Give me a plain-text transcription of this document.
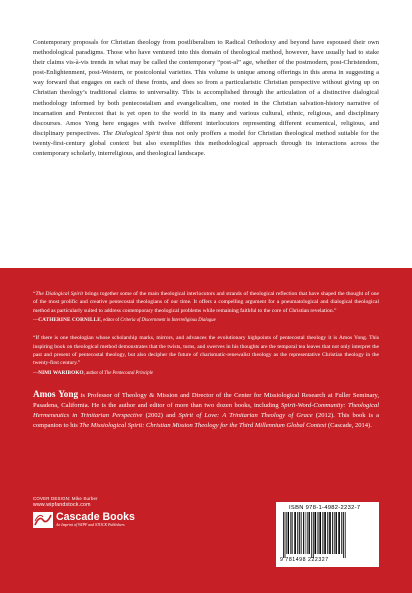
Contemporary proposals for Christian theology from postliberalism to Radical Orthodoxy and beyond have espoused their own methodological paradigms. Those who have ventured into this domain of theological method, however, have usually had to stake their claims vis-à-vis trends in what may be called the contemporary “post-al” age, whether of the postmodern, post-Christendom, post-Enlightenment, post-Western, or postcolonial varieties. This volume is unique among offerings in this arena in suggesting a way forward that engages on each of these fronts, and does so from a particularistic Christian perspective without giving up on Christian theology’s traditional claims to universality. This is accomplished through the articulation of a distinctive dialogical methodology informed by both pentecostalism and evangelicalism, one rooted in the Christian salvation-history narrative of incarnation and Pentecost that is yet open to the world in its many and various cultural, ethnic, religious, and disciplinary discourses. Amos Yong here engages with twelve different interlocutors representing different ecumenical, religious, and disciplinary perspectives. The Dialogical Spirit thus not only proffers a model for Christian theological method suitable for the twenty-first-century global context but also exemplifies this methodological approach through its interactions across the contemporary scholarly, interreligious, and theological landscape.

“The Dialogical Spirit brings together some of the main theological interlocutors and strands of theological reflection that have shaped the thought of one of the most prolific and creative pentecostal theologians of our time. It offers a compelling argument for a pneumatological and dialogical theological method as particularly suited to address contemporary theological problems while remaining faithful to the core of Christian revelation.”

—CATHERINE CORNILLE, editor of Criteria of Discernment in Interreligious Dialogue

“If there is one theologian whose scholarship marks, mirrors, and advances the evolutionary highpoints of pentecostal theology it is Amos Yong. This inspiring book on theological method demonstrates that the twists, turns, and swerves in his thoughts are the temporal tea leaves that not only interpret the past and present of pentecostal theology, but also decipher the future of charismatic-renewalist theology as the representative Christian theology in the twenty-first century.”

—NIMI WARIBOKO, author of The Pentecostal Principle

Amos Yong is Professor of Theology & Mission and Director of the Center for Missiological Research at Fuller Seminary, Pasadena, California. He is the author and editor of more than two dozen books, including Spirit-Word-Community: Theological Hermeneutics in Trinitarian Perspective (2002) and Spirit of Love: A Trinitarian Theology of Grace (2012). This book is a companion to his The Missiological Spirit: Christian Mission Theology for the Third Millennium Global Context (Cascade, 2014).

COVER DESIGN: Mike Surber
www.wipfandstock.com
Cascade Books
An Imprint of WIPF and STOCK Publishers
ISBN 978-1-4982-2232-7
9 781498 222327
